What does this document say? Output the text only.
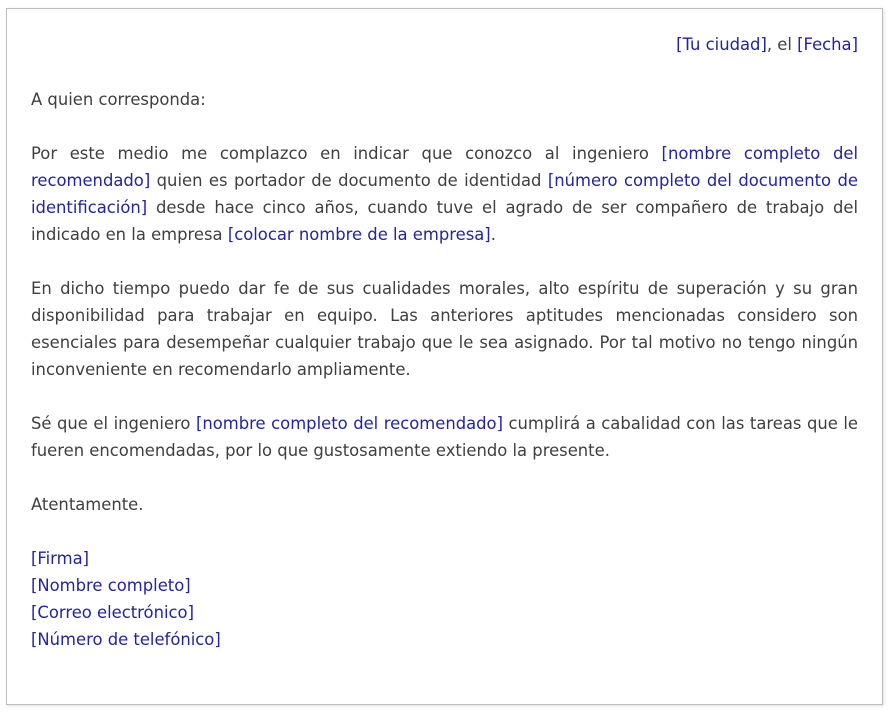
[Tu ciudad], el [Fecha]

A quien corresponda:

Por este medio me complazco en indicar que conozco al ingeniero [nombre completo del recomendado] quien es portador de documento de identidad [número completo del documento de identificación] desde hace cinco años, cuando tuve el agrado de ser compañero de trabajo del indicado en la empresa [colocar nombre de la empresa].

En dicho tiempo puedo dar fe de sus cualidades morales, alto espíritu de superación y su gran disponibilidad para trabajar en equipo. Las anteriores aptitudes mencionadas considero son esenciales para desempeñar cualquier trabajo que le sea asignado. Por tal motivo no tengo ningún inconveniente en recomendarlo ampliamente.

Sé que el ingeniero [nombre completo del recomendado] cumplirá a cabalidad con las tareas que le fueren encomendadas, por lo que gustosamente extiendo la presente.

Atentamente.

[Firma]

[Nombre completo]

[Correo electrónico]

[Número de telefónico]
